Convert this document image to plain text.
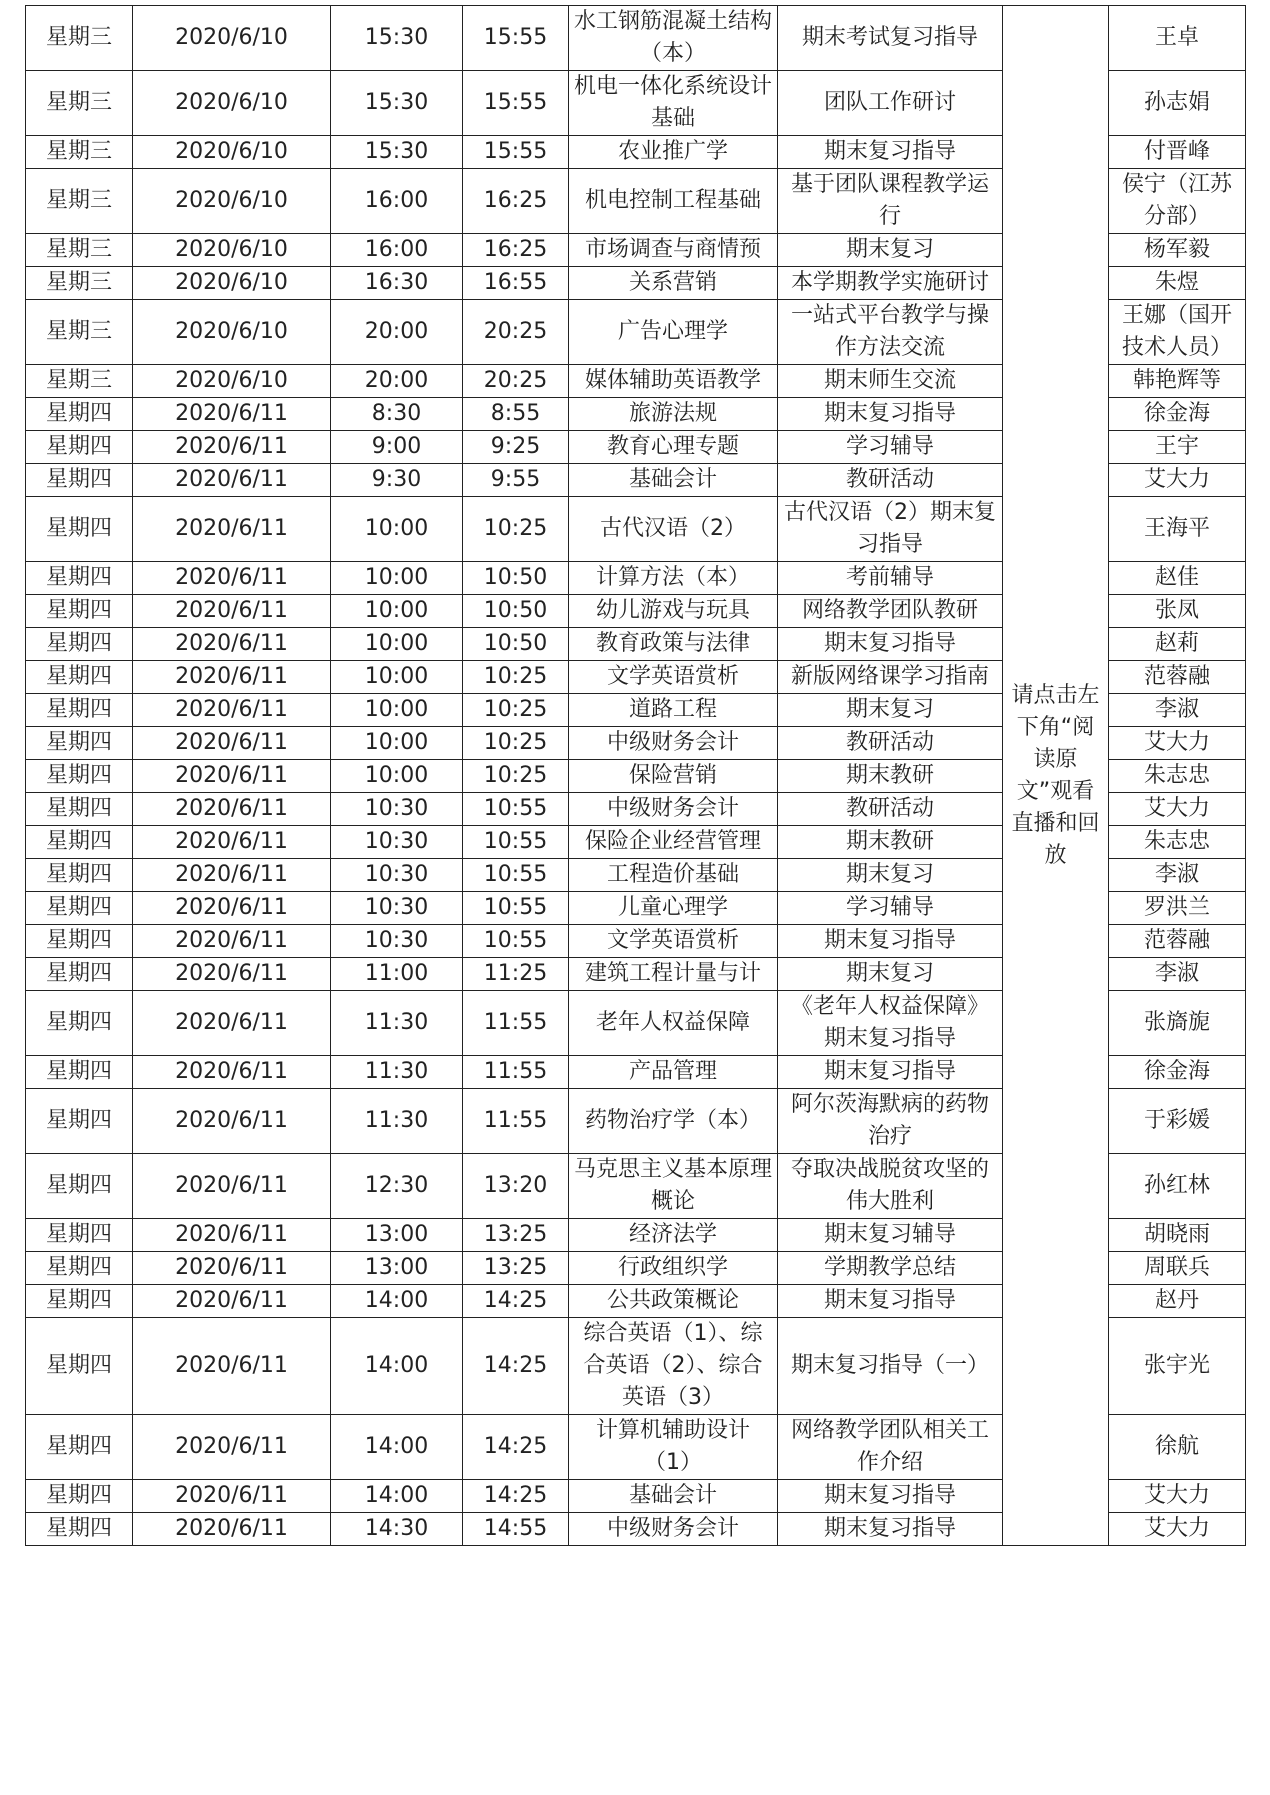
星期三	2020/6/10	15:30	15:55	水工钢筋混凝土结构（本）	期末考试复习指导	请点击左下角“阅读原文”观看直播和回放	王卓
星期三	2020/6/10	15:30	15:55	机电一体化系统设计基础	团队工作研讨		孙志娟
星期三	2020/6/10	15:30	15:55	农业推广学	期末复习指导		付晋峰
星期三	2020/6/10	16:00	16:25	机电控制工程基础	基于团队课程教学运行		侯宁（江苏分部）
星期三	2020/6/10	16:00	16:25	市场调查与商情预	期末复习		杨军毅
星期三	2020/6/10	16:30	16:55	关系营销	本学期教学实施研讨		朱煜
星期三	2020/6/10	20:00	20:25	广告心理学	一站式平台教学与操作方法交流		王娜（国开技术人员）
星期三	2020/6/10	20:00	20:25	媒体辅助英语教学	期末师生交流		韩艳辉等
星期四	2020/6/11	8:30	8:55	旅游法规	期末复习指导		徐金海
星期四	2020/6/11	9:00	9:25	教育心理专题	学习辅导		王宇
星期四	2020/6/11	9:30	9:55	基础会计	教研活动		艾大力
星期四	2020/6/11	10:00	10:25	古代汉语（2）	古代汉语（2）期末复习指导		王海平
星期四	2020/6/11	10:00	10:50	计算方法（本）	考前辅导		赵佳
星期四	2020/6/11	10:00	10:50	幼儿游戏与玩具	网络教学团队教研		张凤
星期四	2020/6/11	10:00	10:50	教育政策与法律	期末复习指导		赵莉
星期四	2020/6/11	10:00	10:25	文学英语赏析	新版网络课学习指南		范蓉融
星期四	2020/6/11	10:00	10:25	道路工程	期末复习		李淑
星期四	2020/6/11	10:00	10:25	中级财务会计	教研活动		艾大力
星期四	2020/6/11	10:00	10:25	保险营销	期末教研		朱志忠
星期四	2020/6/11	10:30	10:55	中级财务会计	教研活动		艾大力
星期四	2020/6/11	10:30	10:55	保险企业经营管理	期末教研		朱志忠
星期四	2020/6/11	10:30	10:55	工程造价基础	期末复习		李淑
星期四	2020/6/11	10:30	10:55	儿童心理学	学习辅导		罗洪兰
星期四	2020/6/11	10:30	10:55	文学英语赏析	期末复习指导		范蓉融
星期四	2020/6/11	11:00	11:25	建筑工程计量与计	期末复习		李淑
星期四	2020/6/11	11:30	11:55	老年人权益保障	《老年人权益保障》期末复习指导		张旖旎
星期四	2020/6/11	11:30	11:55	产品管理	期末复习指导		徐金海
星期四	2020/6/11	11:30	11:55	药物治疗学（本）	阿尔茨海默病的药物治疗		于彩媛
星期四	2020/6/11	12:30	13:20	马克思主义基本原理概论	夺取决战脱贫攻坚的伟大胜利		孙红林
星期四	2020/6/11	13:00	13:25	经济法学	期末复习辅导		胡晓雨
星期四	2020/6/11	13:00	13:25	行政组织学	学期教学总结		周联兵
星期四	2020/6/11	14:00	14:25	公共政策概论	期末复习指导		赵丹
星期四	2020/6/11	14:00	14:25	综合英语（1）、综合英语（2）、综合英语（3）	期末复习指导（一）		张宇光
星期四	2020/6/11	14:00	14:25	计算机辅助设计（1）	网络教学团队相关工作介绍		徐航
星期四	2020/6/11	14:00	14:25	基础会计	期末复习指导		艾大力
星期四	2020/6/11	14:30	14:55	中级财务会计	期末复习指导		艾大力
